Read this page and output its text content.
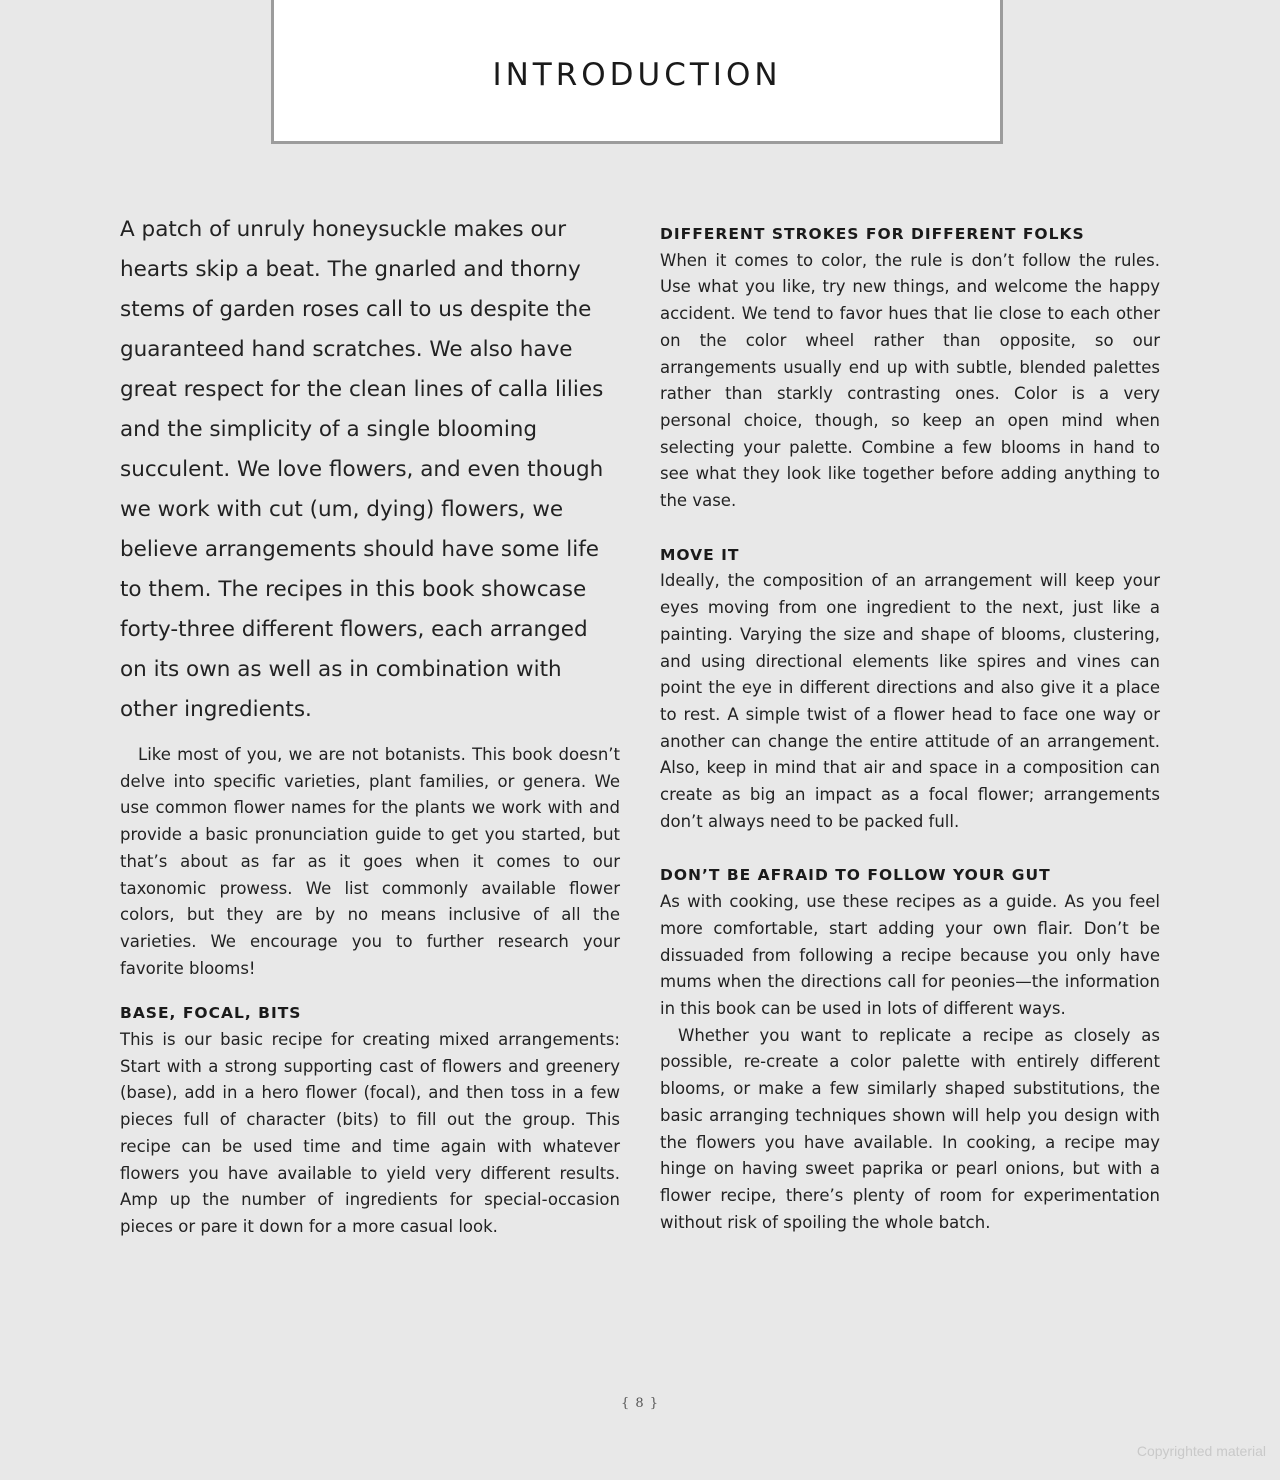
INTRODUCTION

A patch of unruly honeysuckle makes our hearts skip a beat. The gnarled and thorny stems of garden roses call to us despite the guaranteed hand scratches. We also have great respect for the clean lines of calla lilies and the simplicity of a single blooming succulent. We love flowers, and even though we work with cut (um, dying) flowers, we believe arrangements should have some life to them. The recipes in this book showcase forty-three different flowers, each arranged on its own as well as in combination with other ingredients.

Like most of you, we are not botanists. This book doesn’t delve into specific varieties, plant families, or genera. We use common flower names for the plants we work with and provide a basic pronunciation guide to get you started, but that’s about as far as it goes when it comes to our taxonomic prowess. We list commonly available flower colors, but they are by no means inclusive of all the varieties. We encourage you to further research your favorite blooms!

BASE, FOCAL, BITS

This is our basic recipe for creating mixed arrangements: Start with a strong supporting cast of flowers and greenery (base), add in a hero flower (focal), and then toss in a few pieces full of character (bits) to fill out the group. This recipe can be used time and time again with whatever flowers you have available to yield very different results. Amp up the number of ingredients for special-occasion pieces or pare it down for a more casual look.

DIFFERENT STROKES FOR DIFFERENT FOLKS

When it comes to color, the rule is don’t follow the rules. Use what you like, try new things, and welcome the happy accident. We tend to favor hues that lie close to each other on the color wheel rather than opposite, so our arrangements usually end up with subtle, blended palettes rather than starkly contrasting ones. Color is a very personal choice, though, so keep an open mind when selecting your palette. Combine a few blooms in hand to see what they look like together before adding anything to the vase.

MOVE IT

Ideally, the composition of an arrangement will keep your eyes moving from one ingredient to the next, just like a painting. Varying the size and shape of blooms, clustering, and using directional elements like spires and vines can point the eye in different directions and also give it a place to rest. A simple twist of a flower head to face one way or another can change the entire attitude of an arrangement. Also, keep in mind that air and space in a composition can create as big an impact as a focal flower; arrangements don’t always need to be packed full.

DON’T BE AFRAID TO FOLLOW YOUR GUT

As with cooking, use these recipes as a guide. As you feel more comfortable, start adding your own flair. Don’t be dissuaded from following a recipe because you only have mums when the directions call for peonies—the information in this book can be used in lots of different ways.

Whether you want to replicate a recipe as closely as possible, re-create a color palette with entirely different blooms, or make a few similarly shaped substitutions, the basic arranging techniques shown will help you design with the flowers you have available. In cooking, a recipe may hinge on having sweet paprika or pearl onions, but with a flower recipe, there’s plenty of room for experimentation without risk of spoiling the whole batch.

{ 8 }
Copyrighted material
